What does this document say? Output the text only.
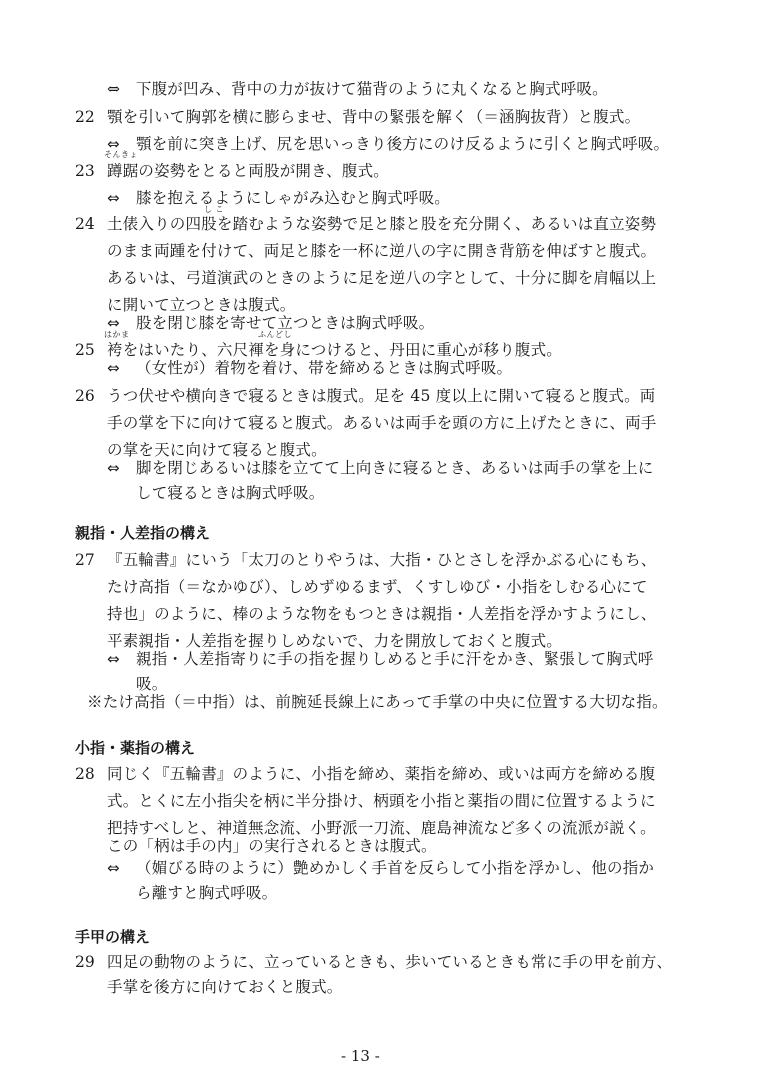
⇔　下腹が凹み、背中の力が抜けて猫背のように丸くなると胸式呼吸。
22 顎を引いて胸郭を横に膨らませ、背中の緊張を解く（＝涵胸抜背）と腹式。
⇔ 顎を前に突き上げ、尻を思いっきり後方にのけ反るように引くと胸式呼吸。
そんきょ
23 蹲踞の姿勢をとると両股が開き、腹式。
⇔ 膝を抱えるようにしゃがみ込むと胸式呼吸。
し こ
24 土俵入りの四股を踏むような姿勢で足と膝と股を充分開く、あるいは直立姿勢
のまま両踵を付けて、両足と膝を一杯に逆八の字に開き背筋を伸ばすと腹式。
あるいは、弓道演武のときのように足を逆八の字として、十分に脚を肩幅以上
に開いて立つときは腹式。
⇔ 股を閉じ膝を寄せて立つときは胸式呼吸。
はかま	ふんどし
25 袴をはいたり、六尺褌を身につけると、丹田に重心が移り腹式。
⇔ （女性が）着物を着け、帯を締めるときは胸式呼吸。
26 うつ伏せや横向きで寝るときは腹式。足を 45 度以上に開いて寝ると腹式。両
手の掌を下に向けて寝ると腹式。あるいは両手を頭の方に上げたときに、両手
の掌を天に向けて寝ると腹式。
⇔ 脚を閉じあるいは膝を立てて上向きに寝るとき、あるいは両手の掌を上に
して寝るときは胸式呼吸。
親指・人差指の構え
27 『五輪書』にいう「太刀のとりやうは、大指・ひとさしを浮かぶる心にもち、
たけ高指（＝なかゆび）、しめずゆるまず、くすしゆび・小指をしむる心にて
持也」のように、棒のような物をもつときは親指・人差指を浮かすようにし、
平素親指・人差指を握りしめないで、力を開放しておくと腹式。
⇔ 親指・人差指寄りに手の指を握りしめると手に汗をかき、緊張して胸式呼
吸。
※たけ高指（＝中指）は、前腕延長線上にあって手掌の中央に位置する大切な指。
小指・薬指の構え
28 同じく『五輪書』のように、小指を締め、薬指を締め、或いは両方を締める腹
式。とくに左小指尖を柄に半分掛け、柄頭を小指と薬指の間に位置するように
把持すべしと、神道無念流、小野派一刀流、鹿島神流など多くの流派が説く。
この「柄は手の内」の実行されるときは腹式。
⇔ （媚びる時のように）艶めかしく手首を反らして小指を浮かし、他の指か
ら離すと胸式呼吸。
手甲の構え
29 四足の動物のように、立っているときも、歩いているときも常に手の甲を前方、
手掌を後方に向けておくと腹式。
- 13 -
